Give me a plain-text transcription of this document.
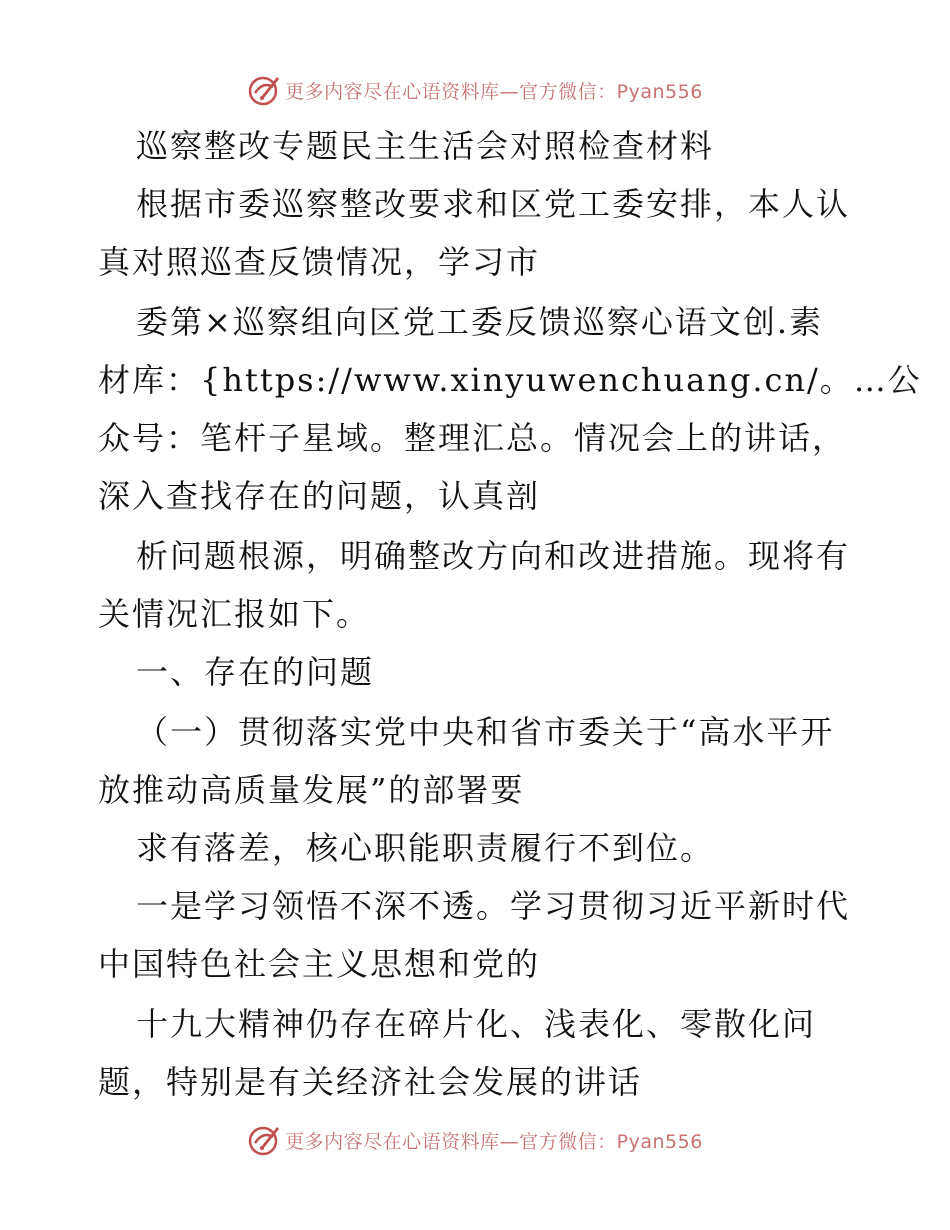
更多内容尽在心语资料库—官方微信：Pyan556
巡察整改专题民主生活会对照检查材料
根据市委巡察整改要求和区党工委安排，本人认
真对照巡查反馈情况，学习市
委第×巡察组向区党工委反馈巡察心语文创.素
材库：{https://www.xinyuwenchuang.cn/。…公
众号：笔杆子星域。整理汇总。情况会上的讲话，
深入查找存在的问题，认真剖
析问题根源，明确整改方向和改进措施。现将有
关情况汇报如下。
一、存在的问题
（一）贯彻落实党中央和省市委关于“高水平开
放推动高质量发展”的部署要
求有落差，核心职能职责履行不到位。
一是学习领悟不深不透。学习贯彻习近平新时代
中国特色社会主义思想和党的
十九大精神仍存在碎片化、浅表化、零散化问
题，特别是有关经济社会发展的讲话
更多内容尽在心语资料库—官方微信：Pyan556
